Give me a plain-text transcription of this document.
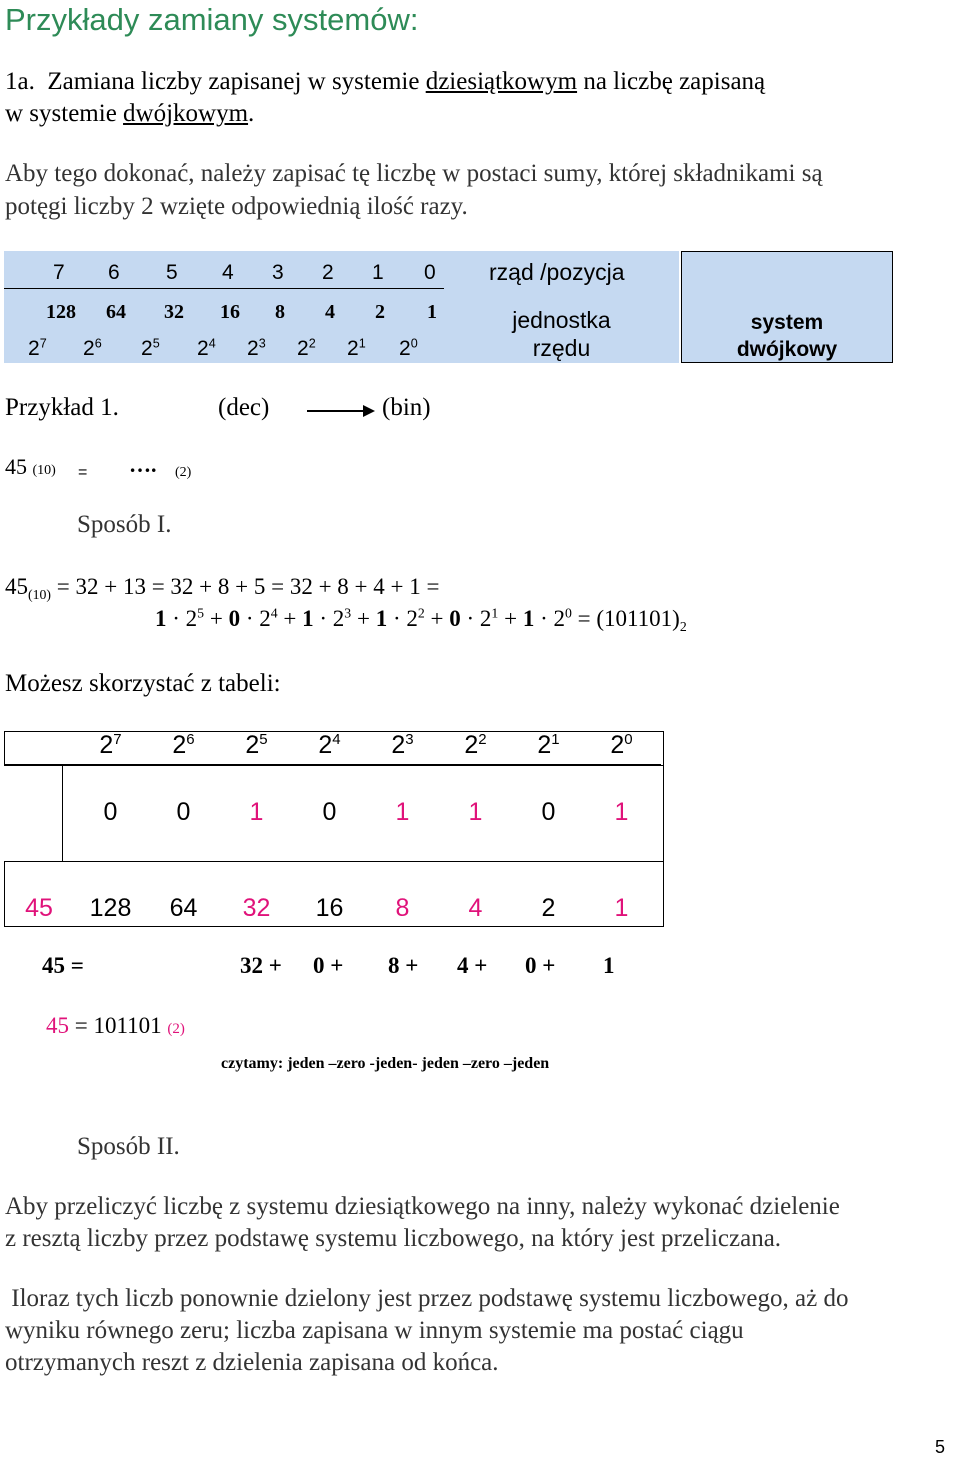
Przykłady zamiany systemów:
1a. Zamiana liczby zapisanej w systemie dziesiątkowym na liczbę zapisaną
w systemie dwójkowym.
Aby tego dokonać, należy zapisać tę liczbę w postaci sumy, której składnikami są
potęgi liczby 2 wzięte odpowiednią ilość razy.
7 6 5 4 3 2 1 0
128	64	32	16	8	4	2	1
$2^7$ $2^6$ $2^5$ $2^4$ $2^3$ $2^2$ $2^1$ $2^0$
rząd /pozycja
jednostka
rzędu
system
dwójkowy
Przykład 1.	(dec)	(bin)
45 (10) = …. (2)
Sposób I.
$45_{(10)} = 32 + 13 = 32 + 8 + 5 = 32 + 8 + 4 + 1$ =
$1 \cdot 2^5 + 0 \cdot 2^4 + 1 \cdot 2^3 + 1 \cdot 2^2 + 0 \cdot 2^1 + 1 \cdot 2^0 = (101101)_2$
Możesz skorzystać z tabeli:
$2^7$	$2^6$	$2^5$	$2^4$	$2^3$	$2^2$	$2^1$	$2^0$
0	0	1	0	1	1	0	1
45	128	64	32	16	8	4	2	1
45 =	32 + 0 + 8 + 4 + 0 + 1
45 = 101101 (2)
czytamy: jeden –zero -jeden- jeden –zero –jeden
Sposób II.
Aby przeliczyć liczbę z systemu dziesiątkowego na inny, należy wykonać dzielenie
z resztą liczby przez podstawę systemu liczbowego, na który jest przeliczana.
Iloraz tych liczb ponownie dzielony jest przez podstawę systemu liczbowego, aż do
wyniku równego zeru; liczba zapisana w innym systemie ma postać ciągu
otrzymanych reszt z dzielenia zapisana od końca.
5
